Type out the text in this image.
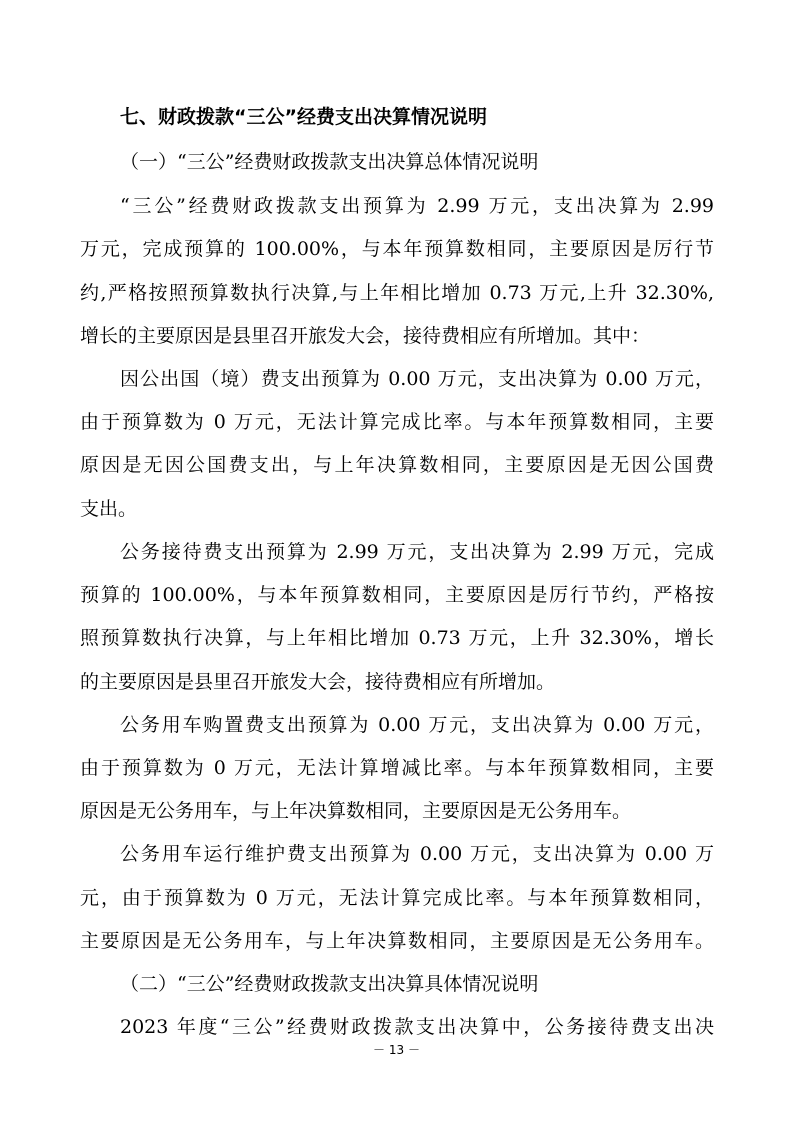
七、财政拨款“三公”经费支出决算情况说明
（一）“三公”经费财政拨款支出决算总体情况说明
“三公”经费财政拨款支出预算为 2.99 万元，支出决算为 2.99
万元，完成预算的 100.00%，与本年预算数相同，主要原因是厉行节
约,严格按照预算数执行决算,与上年相比增加 0.73 万元,上升 32.30%,
增长的主要原因是县里召开旅发大会，接待费相应有所增加。其中：
因公出国（境）费支出预算为 0.00 万元，支出决算为 0.00 万元，
由于预算数为 0 万元，无法计算完成比率。与本年预算数相同，主要
原因是无因公国费支出，与上年决算数相同，主要原因是无因公国费
支出。
公务接待费支出预算为 2.99 万元，支出决算为 2.99 万元，完成
预算的 100.00%，与本年预算数相同，主要原因是厉行节约，严格按
照预算数执行决算，与上年相比增加 0.73 万元，上升 32.30%，增长
的主要原因是县里召开旅发大会，接待费相应有所增加。
公务用车购置费支出预算为 0.00 万元，支出决算为 0.00 万元，
由于预算数为 0 万元，无法计算增减比率。与本年预算数相同，主要
原因是无公务用车，与上年决算数相同，主要原因是无公务用车。
公务用车运行维护费支出预算为 0.00 万元，支出决算为 0.00 万
元，由于预算数为 0 万元，无法计算完成比率。与本年预算数相同，
主要原因是无公务用车，与上年决算数相同，主要原因是无公务用车。
（二）“三公”经费财政拨款支出决算具体情况说明
2023 年度“三公”经费财政拨款支出决算中，公务接待费支出决
－ 13 －
